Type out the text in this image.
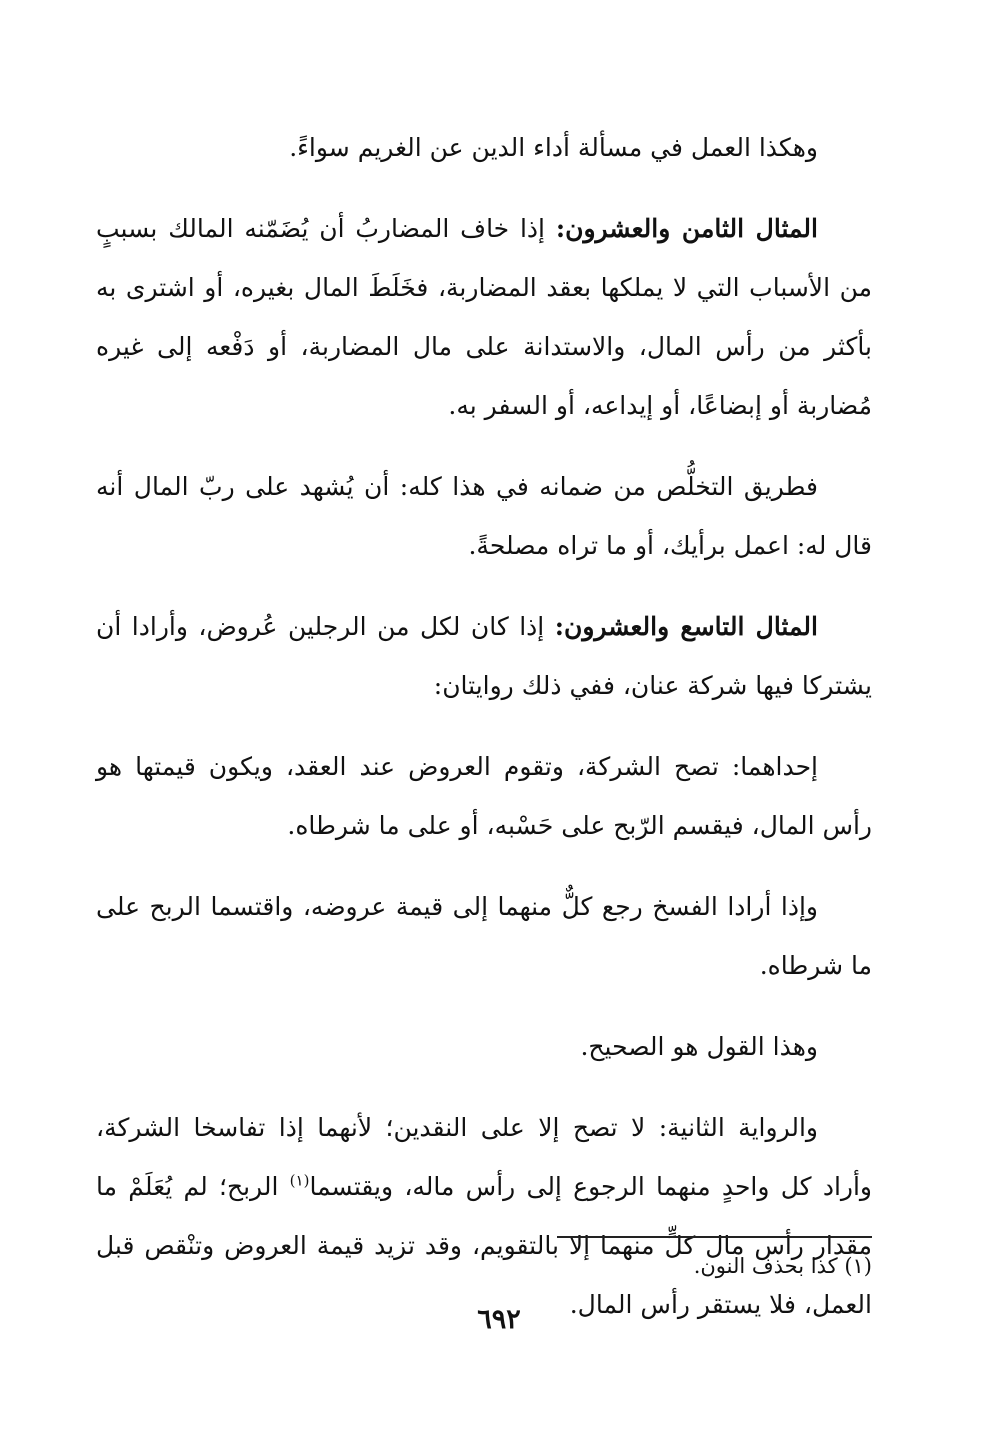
وهكذا العمل في مسألة أداء الدين عن الغريم سواءً.

المثال الثامن والعشرون: إذا خاف المضاربُ أن يُضَمّنه المالك بسببٍ من الأسباب التي لا يملكها بعقد المضاربة، فخَلَطَ المال بغيره، أو اشترى به بأكثر من رأس المال، والاستدانة على مال المضاربة، أو دَفْعه إلى غيره مُضاربة أو إبضاعًا، أو إيداعه، أو السفر به.

فطريق التخلُّص من ضمانه في هذا كله: أن يُشهد على ربّ المال أنه قال له: اعمل برأيك، أو ما تراه مصلحةً.

المثال التاسع والعشرون: إذا كان لكل من الرجلين عُروض، وأرادا أن يشتركا فيها شركة عنان، ففي ذلك روايتان:

إحداهما: تصح الشركة، وتقوم العروض عند العقد، ويكون قيمتها هو رأس المال، فيقسم الرّبح على حَسْبه، أو على ما شرطاه.

وإذا أرادا الفسخ رجع كلٌّ منهما إلى قيمة عروضه، واقتسما الربح على ما شرطاه.

وهذا القول هو الصحيح.

والرواية الثانية: لا تصح إلا على النقدين؛ لأنهما إذا تفاسخا الشركة، وأراد كل واحدٍ منهما الرجوع إلى رأس ماله، ويقتسما$^{(١)}$ الربح؛ لم يُعَلَمْ ما مقدار رأس مال كلٍّ منهما إلا بالتقويم، وقد تزيد قيمة العروض وتنْقص قبل العمل، فلا يستقر رأس المال.

(١) كذا بحذف النون.
٦٩٢
